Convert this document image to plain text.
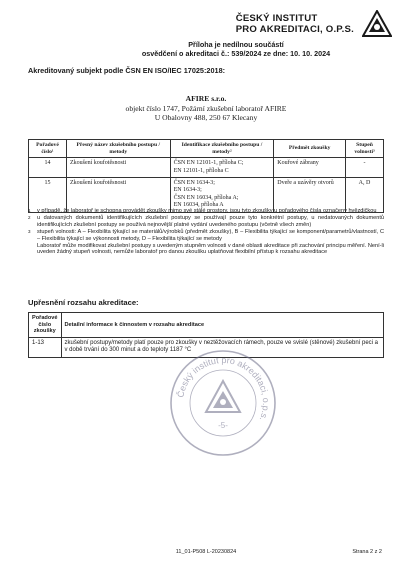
ČESKÝ INSTITUT
PRO AKREDITACI, O.P.S.
Příloha je nedílnou součástí
osvědčení o akreditaci č.: 539/2024 ze dne: 10. 10. 2024
Akreditovaný subjekt podle ČSN EN ISO/IEC 17025:2018:
AFIRE s.r.o.
objekt číslo 1747, Požární zkušební laboratoř AFIRE
U Obalovny 488, 250 67 Klecany
Pořadové číslo¹	Přesný název zkušebního postupu / metody	Identifikace zkušebního postupu / metody²	Předmět zkoušky	Stupeň volnosti³
14	Zkoušení koufotěsnosti	ČSN EN 12101-1, příloha C;
EN 12101-1, příloha C	Kouřové zábrany	-
15	Zkoušení kouřotěsnosti	ČSN EN 1634-3;
EN 1634-3;
ČSN EN 16034, příloha A;
EN 16034, příloha A	Dveře a uzávěry otvorů	A, D
1	v případě, že laboratoř je schopna provádět zkoušky mimo své stálé prostory, jsou tyto zkoušky u pořadového čísla označeny hvězdičkou
2	u datovaných dokumentů identifikujících zkušební postupy se používají pouze tyto konkrétní postupy, u nedatovaných dokumentů identifikujících zkušební postupy se používá nejnovější platné vydání uvedeného postupu (včetně všech změn)
3	stupeň volnosti: A – Flexibilita týkající se materiálů/výrobků (předmět zkoušky), B – Flexibilita týkající se komponent/parametrů/vlastností, C – Flexibilita týkající se výkonnosti metody, D – Flexibilita týkající se metody
Laboratoř může modifikovat zkušební postupy s uvedeným stupněm volnosti v dané oblasti akreditace při zachování principu měření. Není-li uveden žádný stupeň volnosti, nemůže laboratoř pro danou zkoušku uplatňovat flexibilní přístup k rozsahu akreditace
Upřesnění rozsahu akreditace:
Pořadové číslo zkoušky	Detailní informace k činnostem v rozsahu akreditace
1-13	zkušební postupy/metody platí pouze pro zkoušky v neztěžovacích rámech, pouze ve svislé (stěnové) zkušební peci a v době trvání do 300 minut a do teploty 1187 °C
Český institut pro akreditaci, o.p.s.
-5-
11_01-P508 L-20230824	Strana 2 z 2
